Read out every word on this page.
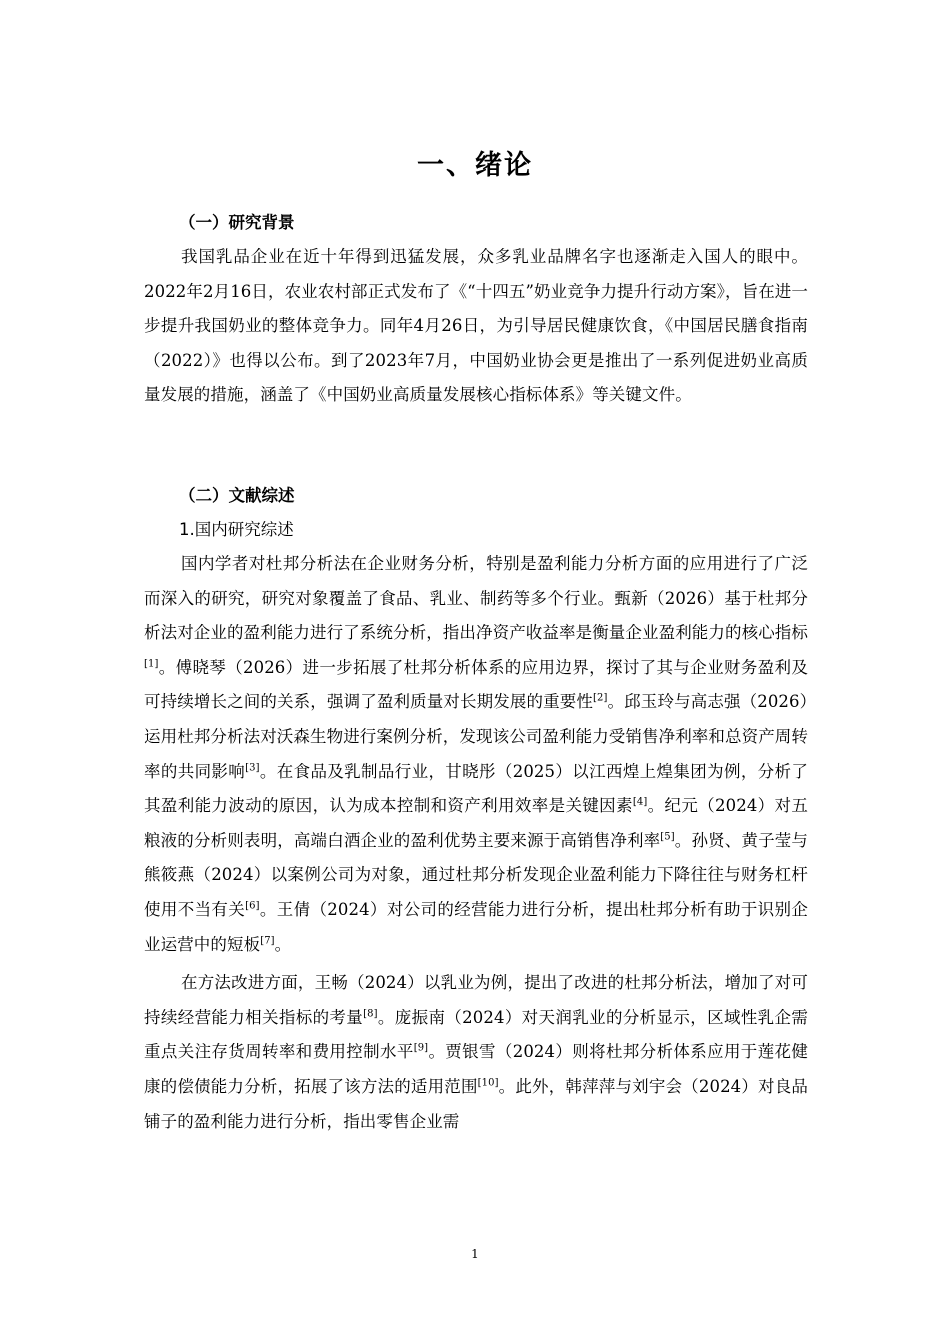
一、绪论
（一）研究背景

我国乳品企业在近十年得到迅猛发展，众多乳业品牌名字也逐渐走入国人的眼中。2022年2月16日，农业农村部正式发布了《“十四五”奶业竞争力提升行动方案》，旨在进一步提升我国奶业的整体竞争力。同年4月26日，为引导居民健康饮食，《中国居民膳食指南（2022）》也得以公布。到了2023年7月，中国奶业协会更是推出了一系列促进奶业高质量发展的措施，涵盖了《中国奶业高质量发展核心指标体系》等关键文件。

（二）文献综述
1.国内研究综述

国内学者对杜邦分析法在企业财务分析，特别是盈利能力分析方面的应用进行了广泛而深入的研究，研究对象覆盖了食品、乳业、制药等多个行业。甄新（2026）基于杜邦分析法对企业的盈利能力进行了系统分析，指出净资产收益率是衡量企业盈利能力的核心指标[1]。傅晓琴（2026）进一步拓展了杜邦分析体系的应用边界，探讨了其与企业财务盈利及可持续增长之间的关系，强调了盈利质量对长期发展的重要性[2]。邱玉玲与高志强（2026）运用杜邦分析法对沃森生物进行案例分析，发现该公司盈利能力受销售净利率和总资产周转率的共同影响[3]。在食品及乳制品行业，甘晓彤（2025）以江西煌上煌集团为例，分析了其盈利能力波动的原因，认为成本控制和资产利用效率是关键因素[4]。纪元（2024）对五粮液的分析则表明，高端白酒企业的盈利优势主要来源于高销售净利率[5]。孙贤、黄子莹与熊筱燕（2024）以案例公司为对象，通过杜邦分析发现企业盈利能力下降往往与财务杠杆使用不当有关[6]。王倩（2024）对公司的经营能力进行分析，提出杜邦分析有助于识别企业运营中的短板[7]。

在方法改进方面，王畅（2024）以乳业为例，提出了改进的杜邦分析法，增加了对可持续经营能力相关指标的考量[8]。庞振南（2024）对天润乳业的分析显示，区域性乳企需重点关注存货周转率和费用控制水平[9]。贾银雪（2024）则将杜邦分析体系应用于莲花健康的偿债能力分析，拓展了该方法的适用范围[10]。此外，韩萍萍与刘宇会（2024）对良品铺子的盈利能力进行分析，指出零售企业需

1
